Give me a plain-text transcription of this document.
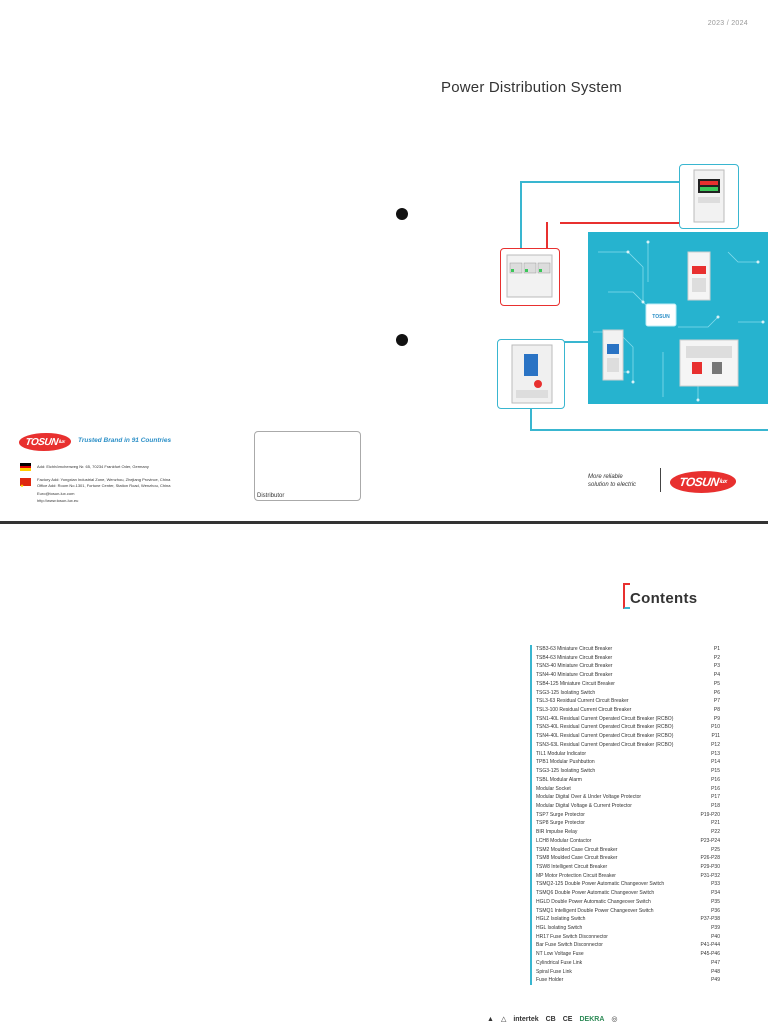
2023 / 2024
Power Distribution System
TOSUN
TOSUN lux Trusted Brand in 91 Countries
Add: Eichhörnchenweg Nr. 65, 70234 Frankfurt Oder, Germany
Factory Add: Yongxian Industrial Zone, Wenzhou, Zhejiang Province, China
Office Add: Room No.1301, Fortune Center, Station Road, Wenzhou, China
Euro@tosun-lux.com
http://www.tosun-lux.eu
Distributor
More reliable
solution to electric	TOSUN lux
Contents
TSB3-63 Miniature Circuit Breaker	P1
TSB4-63 Miniature Circuit Breaker	P2
TSN3-40 Miniature Circuit Breaker	P3
TSN4-40 Miniature Circuit Breaker	P4
TSB4-125 Miniature Circuit Breaker	P5
TSG3-125 Isolating Switch	P6
TSL3-63 Residual Current Circuit Breaker	P7
TSL3-100 Residual Current Circuit Breaker	P8
TSN1-40L Residual Current Operated Circuit Breaker (RCBO)	P9
TSN3-40L Residual Current Operated Circuit Breaker (RCBO)	P10
TSN4-40L Residual Current Operated Circuit Breaker (RCBO)	P11
TSN3-63L Residual Current Operated Circuit Breaker (RCBO)	P12
TIL1 Modular Indicator	P13
TPB1 Modular Pushbutton	P14
TSG3-125 Isolating Switch	P15
TSBL Modular Alarm	P16
Modular Socket	P16
Modular Digital Over & Under Voltage Protector	P17
Modular Digital Voltage & Current Protector	P18
TSP7 Surge Protector	P19-P20
TSP8 Surge Protector	P21
BIR Impulse Relay	P22
LCH8 Modular Contactor	P23-P24
TSM2 Moulded Case Circuit Breaker	P25
TSM8 Moulded Case Circuit Breaker	P26-P28
TSW8 Intelligent Circuit Breaker	P29-P30
MP Motor Protection Circuit Breaker	P31-P32
TSMQ2-125 Double Power Automatic Changeover Switch	P33
TSMQ6 Double Power Automatic Changeover Switch	P34
HGLD Double Power Automatic Changeover Switch	P35
TSMQ1 Intelligent Double Power Changeover Switch	P36
HGLZ Isolating Switch	P37-P38
HGL Isolating Switch	P39
HR17 Fuse Switch Disconnector	P40
Bar Fuse Switch Disconnector	P41-P44
NT Low Voltage Fuse	P45-P46
Cylindrical Fuse Link	P47
Spiral Fuse Link	P48
Fuse Holder	P49
▲ △ intertek CB CE DEKRA ◎
